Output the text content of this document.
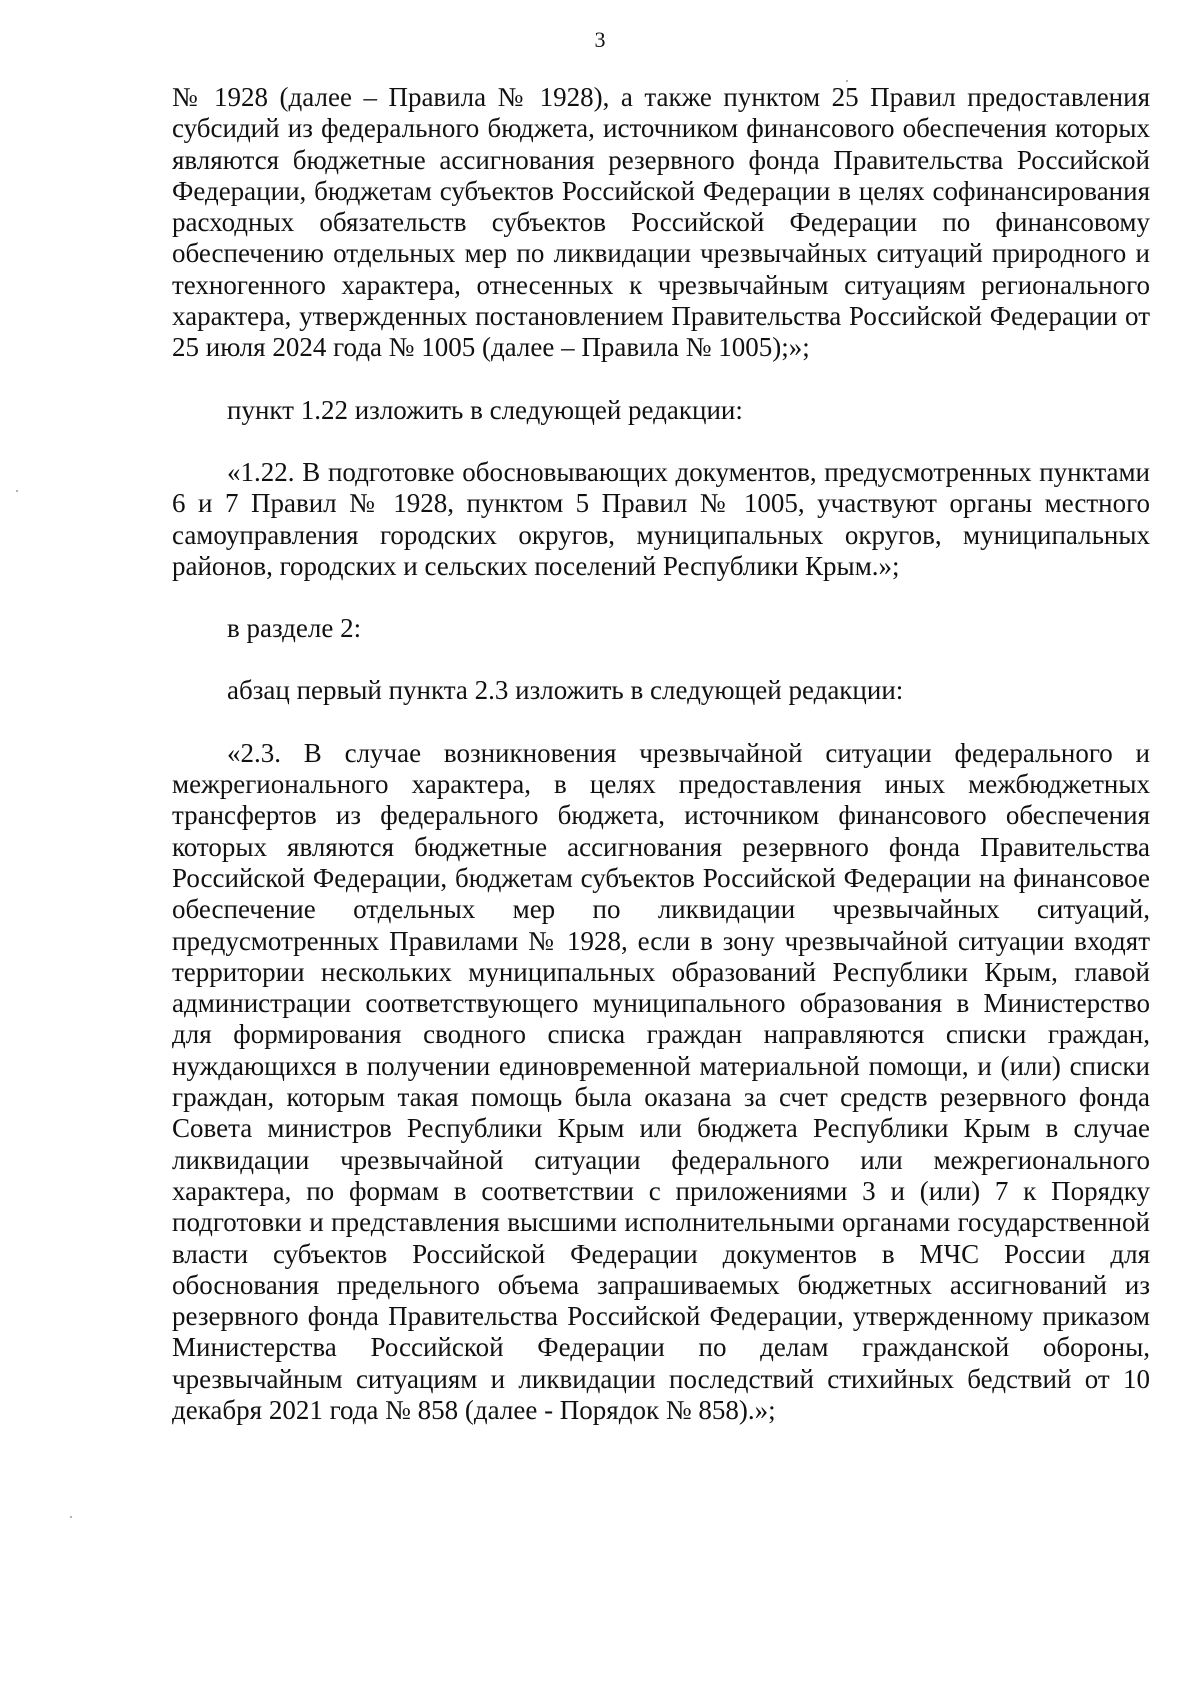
3

№ 1928 (далее – Правила № 1928), а также пунктом 25 Правил предоставления субсидий из федерального бюджета, источником финансового обеспечения которых являются бюджетные ассигнования резервного фонда Правительства Российской Федерации, бюджетам субъектов Российской Федерации в целях софинансирования расходных обязательств субъектов Российской Федерации по финансовому обеспечению отдельных мер по ликвидации чрезвычайных ситуаций природного и техногенного характера, отнесенных к чрезвычайным ситуациям регионального характера, утвержденных постановлением Правительства Российской Федерации от 25 июля 2024 года № 1005 (далее – Правила № 1005);»;

пункт 1.22 изложить в следующей редакции:

«1.22. В подготовке обосновывающих документов, предусмотренных пунктами 6 и 7 Правил № 1928, пунктом 5 Правил № 1005, участвуют органы местного самоуправления городских округов, муниципальных округов, муниципальных районов, городских и сельских поселений Республики Крым.»;

в разделе 2:

абзац первый пункта 2.3 изложить в следующей редакции:

«2.3. В случае возникновения чрезвычайной ситуации федерального и межрегионального характера, в целях предоставления иных межбюджетных трансфертов из федерального бюджета, источником финансового обеспечения которых являются бюджетные ассигнования резервного фонда Правительства Российской Федерации, бюджетам субъектов Российской Федерации на финансовое обеспечение отдельных мер по ликвидации чрезвычайных ситуаций, предусмотренных Правилами № 1928, если в зону чрезвычайной ситуации входят территории нескольких муниципальных образований Республики Крым, главой администрации соответствующего муниципального образования в Министерство для формирования сводного списка граждан направляются списки граждан, нуждающихся в получении единовременной материальной помощи, и (или) списки граждан, которым такая помощь была оказана за счет средств резервного фонда Совета министров Республики Крым или бюджета Республики Крым в случае ликвидации чрезвычайной ситуации федерального или межрегионального характера, по формам в соответствии с приложениями 3 и (или) 7 к Порядку подготовки и представления высшими исполнительными органами государственной власти субъектов Российской Федерации документов в МЧС России для обоснования предельного объема запрашиваемых бюджетных ассигнований из резервного фонда Правительства Российской Федерации, утвержденному приказом Министерства Российской Федерации по делам гражданской обороны, чрезвычайным ситуациям и ликвидации последствий стихийных бедствий от 10 декабря 2021 года № 858 (далее - Порядок № 858).»;
